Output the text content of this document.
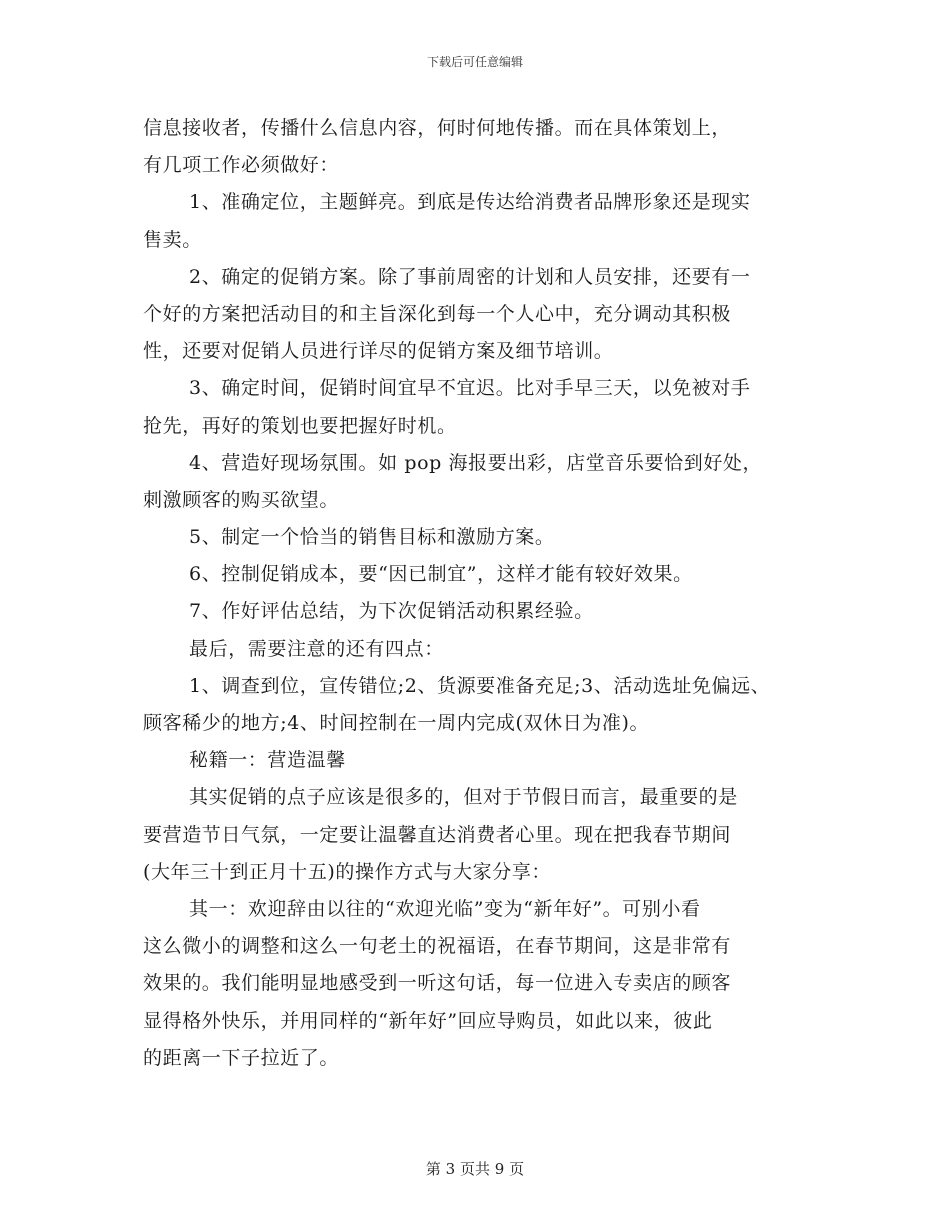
下载后可任意编辑
信息接收者，传播什么信息内容，何时何地传播。而在具体策划上，
有几项工作必须做好：
1、准确定位，主题鲜亮。到底是传达给消费者品牌形象还是现实
售卖。
2、确定的促销方案。除了事前周密的计划和人员安排，还要有一
个好的方案把活动目的和主旨深化到每一个人心中，充分调动其积极
性，还要对促销人员进行详尽的促销方案及细节培训。
3、确定时间，促销时间宜早不宜迟。比对手早三天，以免被对手
抢先，再好的策划也要把握好时机。
4、营造好现场氛围。如 pop 海报要出彩，店堂音乐要恰到好处，
刺激顾客的购买欲望。
5、制定一个恰当的销售目标和激励方案。
6、控制促销成本，要“因已制宜”，这样才能有较好效果。
7、作好评估总结，为下次促销活动积累经验。
最后，需要注意的还有四点：
1、调查到位，宣传错位;2、货源要准备充足;3、活动选址免偏远、
顾客稀少的地方;4、时间控制在一周内完成(双休日为准)。
秘籍一：营造温馨
其实促销的点子应该是很多的，但对于节假日而言，最重要的是
要营造节日气氛，一定要让温馨直达消费者心里。现在把我春节期间
(大年三十到正月十五)的操作方式与大家分享：
其一：欢迎辞由以往的“欢迎光临”变为“新年好”。可别小看
这么微小的调整和这么一句老土的祝福语，在春节期间，这是非常有
效果的。我们能明显地感受到一听这句话，每一位进入专卖店的顾客
显得格外快乐，并用同样的“新年好”回应导购员，如此以来，彼此
的距离一下子拉近了。
第 3 页共 9 页
